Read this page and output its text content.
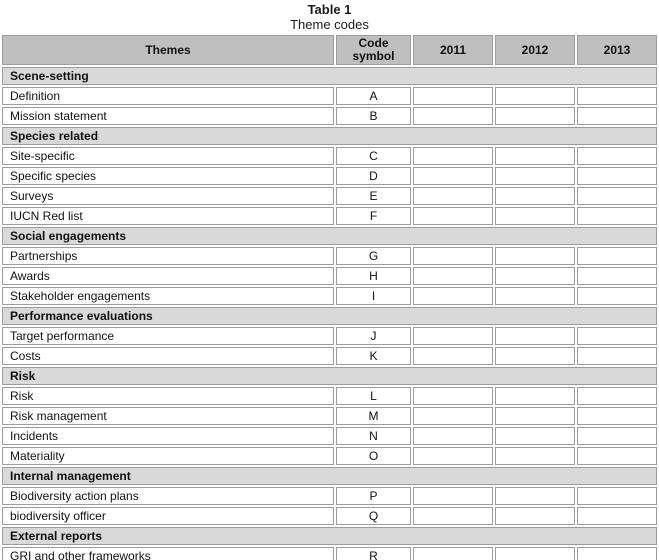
Table 1
Theme codes
Themes	Code symbol	2011	2012	2013
Scene-setting				
Definition	A			
Mission statement	B			
Species related				
Site-specific	C			
Specific species	D			
Surveys	E			
IUCN Red list	F			
Social engagements				
Partnerships	G			
Awards	H			
Stakeholder engagements	I			
Performance evaluations				
Target performance	J			
Costs	K			
Risk				
Risk	L			
Risk management	M			
Incidents	N			
Materiality	O			
Internal management				
Biodiversity action plans	P			
biodiversity officer	Q			
External reports				
GRI and other frameworks	R			
